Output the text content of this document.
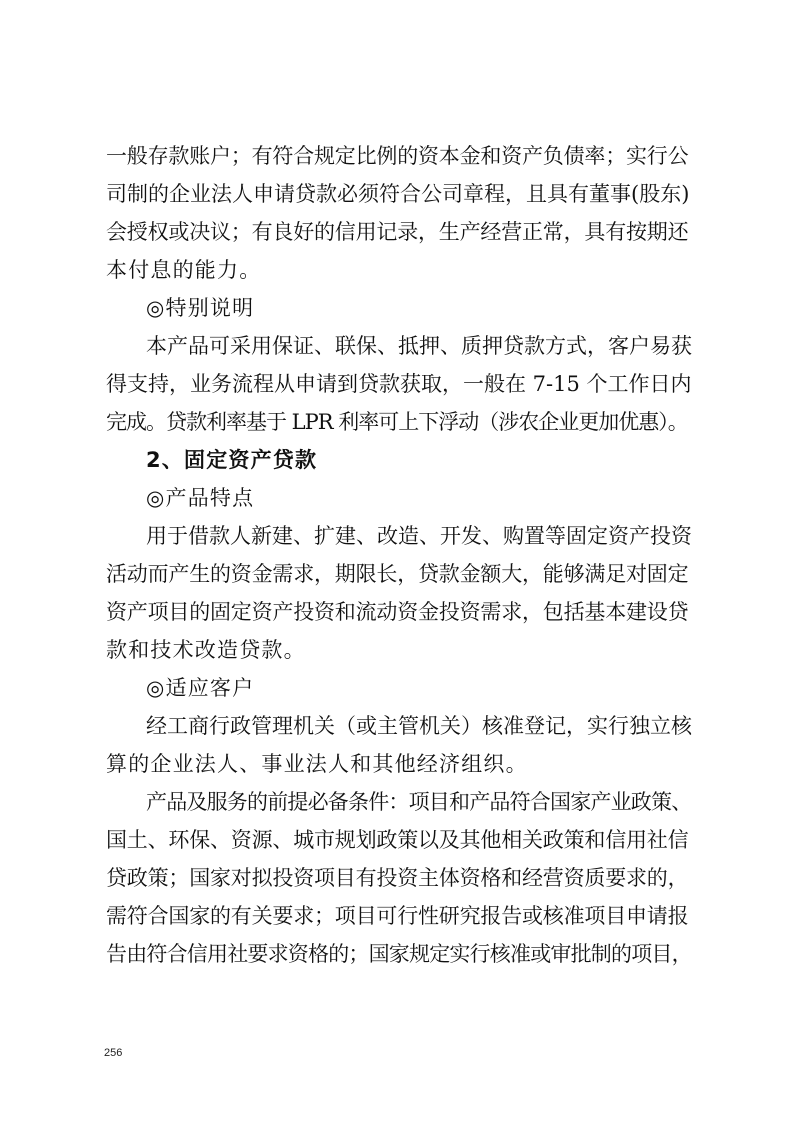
一般存款账户；有符合规定比例的资本金和资产负债率；实行公
司制的企业法人申请贷款必须符合公司章程，且具有董事(股东)
会授权或决议；有良好的信用记录，生产经营正常，具有按期还
本付息的能力。
◎特别说明
本产品可采用保证、联保、抵押、质押贷款方式，客户易获
得支持，业务流程从申请到贷款获取，一般在 7-15 个工作日内
完成。贷款利率基于 LPR 利率可上下浮动（涉农企业更加优惠）。
2、固定资产贷款
◎产品特点
用于借款人新建、扩建、改造、开发、购置等固定资产投资
活动而产生的资金需求，期限长，贷款金额大，能够满足对固定
资产项目的固定资产投资和流动资金投资需求，包括基本建设贷
款和技术改造贷款。
◎适应客户
经工商行政管理机关（或主管机关）核准登记，实行独立核
算的企业法人、事业法人和其他经济组织。
产品及服务的前提必备条件：项目和产品符合国家产业政策、
国土、环保、资源、城市规划政策以及其他相关政策和信用社信
贷政策；国家对拟投资项目有投资主体资格和经营资质要求的，
需符合国家的有关要求；项目可行性研究报告或核准项目申请报
告由符合信用社要求资格的；国家规定实行核准或审批制的项目，
256
